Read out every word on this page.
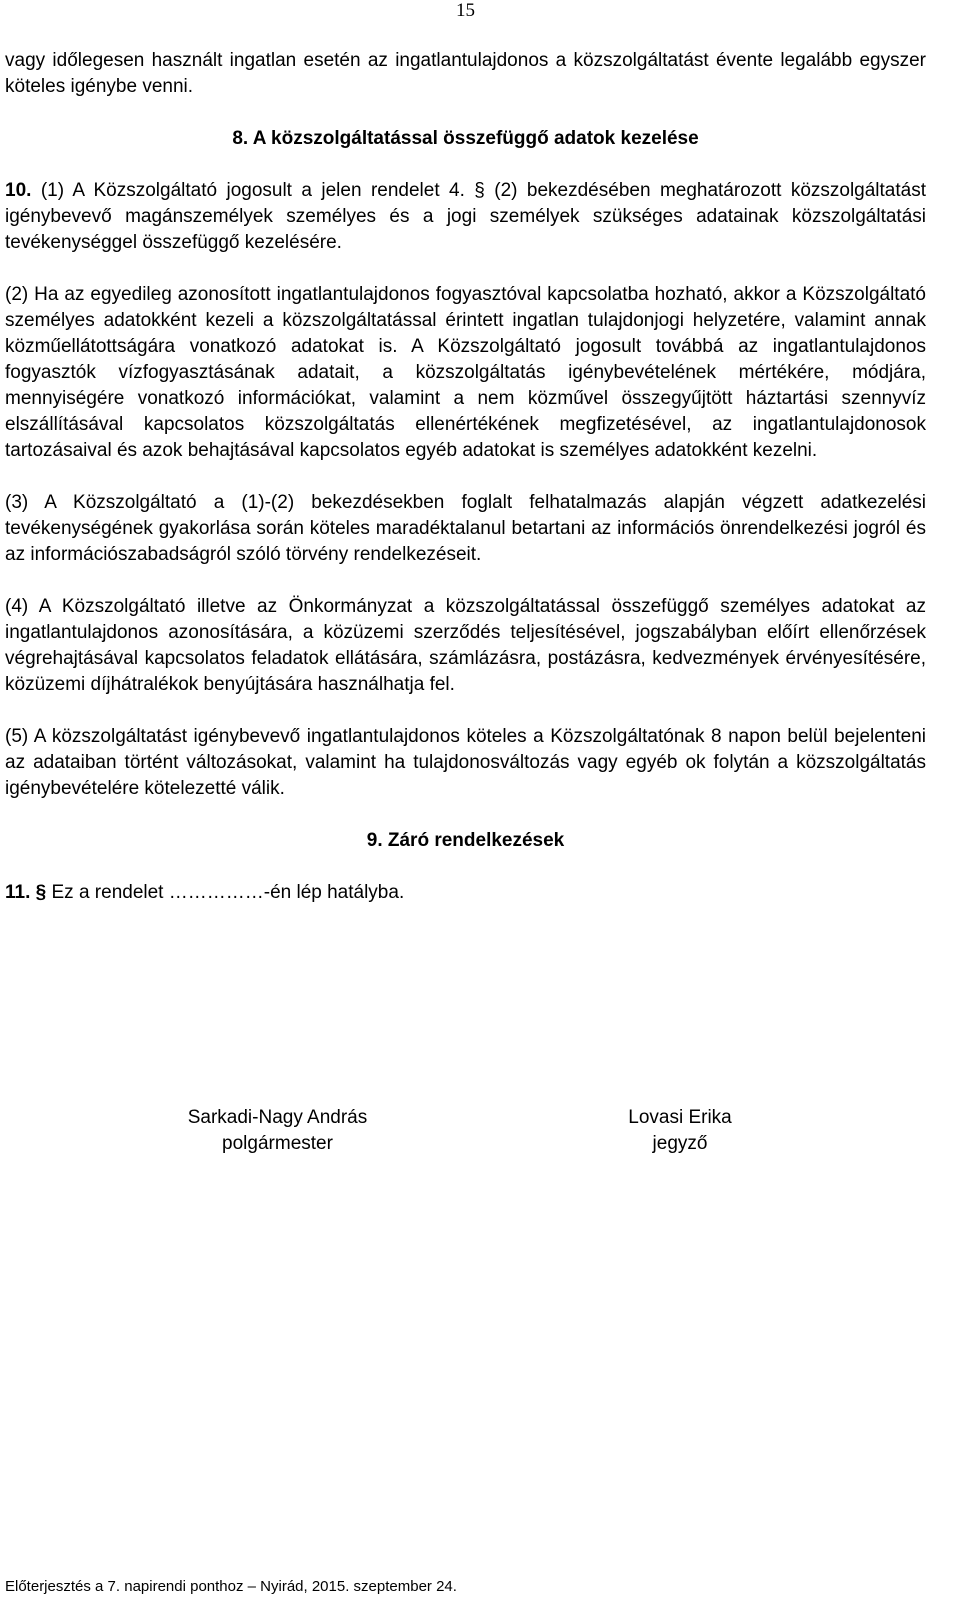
15

vagy időlegesen használt ingatlan esetén az ingatlantulajdonos a közszolgáltatást évente legalább egyszer köteles igénybe venni.

8. A közszolgáltatással összefüggő adatok kezelése

10. (1) A Közszolgáltató jogosult a jelen rendelet 4. § (2) bekezdésében meghatározott közszolgáltatást igénybevevő magánszemélyek személyes és a jogi személyek szükséges adatainak közszolgáltatási tevékenységgel összefüggő kezelésére.

(2) Ha az egyedileg azonosított ingatlantulajdonos fogyasztóval kapcsolatba hozható, akkor a Közszolgáltató személyes adatokként kezeli a közszolgáltatással érintett ingatlan tulajdonjogi helyzetére, valamint annak közműellátottságára vonatkozó adatokat is. A Közszolgáltató jogosult továbbá az ingatlantulajdonos fogyasztók vízfogyasztásának adatait, a közszolgáltatás igénybevételének mértékére, módjára, mennyiségére vonatkozó információkat, valamint a nem közművel összegyűjtött háztartási szennyvíz elszállításával kapcsolatos közszolgáltatás ellenértékének megfizetésével, az ingatlantulajdonosok tartozásaival és azok behajtásával kapcsolatos egyéb adatokat is személyes adatokként kezelni.

(3) A Közszolgáltató a (1)-(2) bekezdésekben foglalt felhatalmazás alapján végzett adatkezelési tevékenységének gyakorlása során köteles maradéktalanul betartani az információs önrendelkezési jogról és az információszabadságról szóló törvény rendelkezéseit.

(4) A Közszolgáltató illetve az Önkormányzat a közszolgáltatással összefüggő személyes adatokat az ingatlantulajdonos azonosítására, a közüzemi szerződés teljesítésével, jogszabályban előírt ellenőrzések végrehajtásával kapcsolatos feladatok ellátására, számlázásra, postázásra, kedvezmények érvényesítésére, közüzemi díjhátralékok benyújtására használhatja fel.

(5) A közszolgáltatást igénybevevő ingatlantulajdonos köteles a Közszolgáltatónak 8 napon belül bejelenteni az adataiban történt változásokat, valamint ha tulajdonosváltozás vagy egyéb ok folytán a közszolgáltatás igénybevételére kötelezetté válik.

9. Záró rendelkezések

11. § Ez a rendelet ……………-én lép hatályba.

Sarkadi-Nagy András
polgármester
Lovasi Erika
jegyző
Előterjesztés a 7. napirendi ponthoz – Nyirád, 2015. szeptember 24.
